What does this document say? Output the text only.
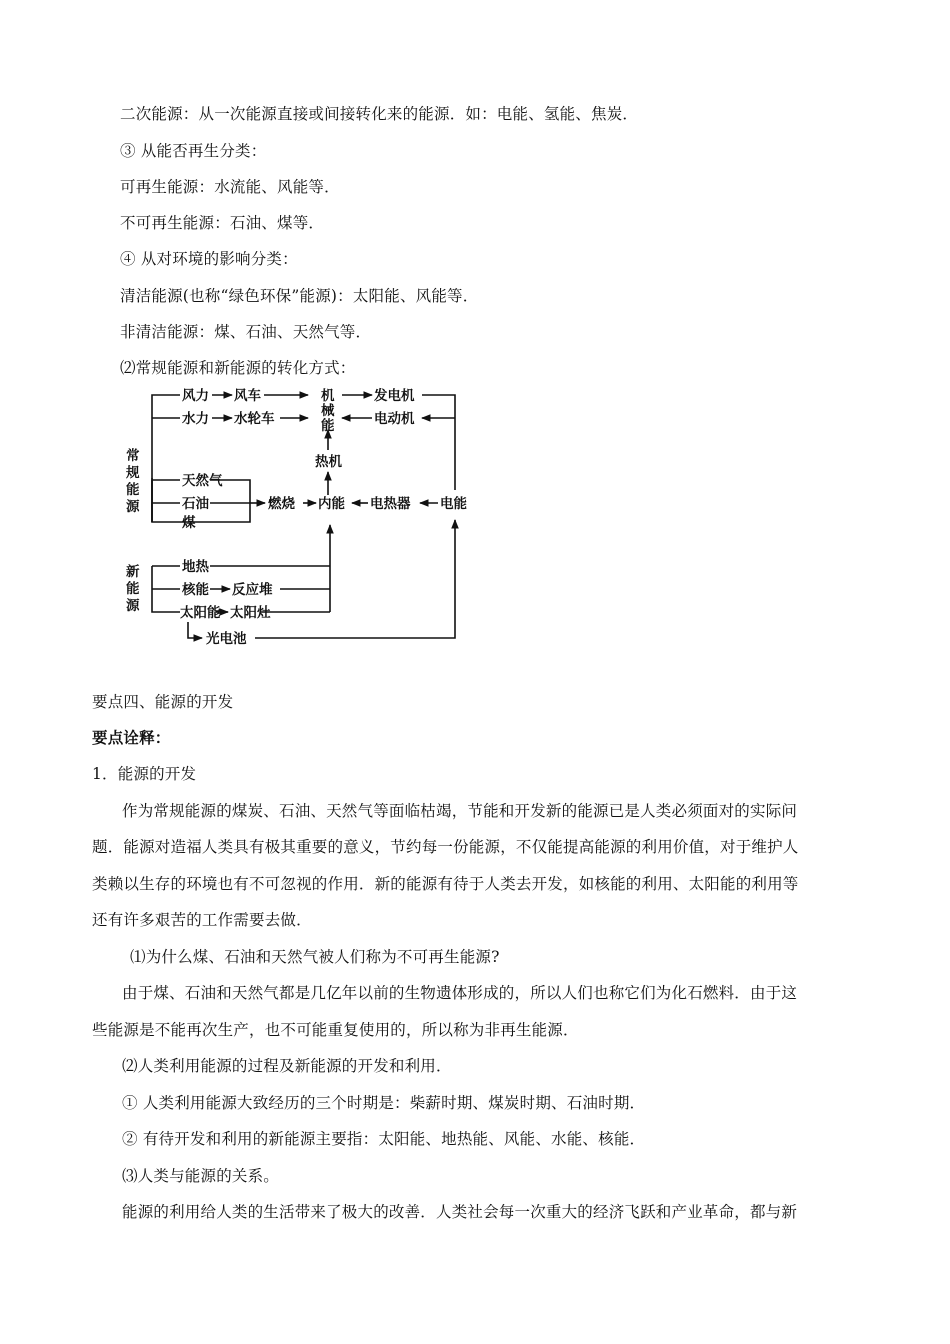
二次能源：从一次能源直接或间接转化来的能源．如：电能、氢能、焦炭．
③ 从能否再生分类：
可再生能源：水流能、风能等．
不可再生能源：石油、煤等．
④ 从对环境的影响分类：
清洁能源(也称“绿色环保”能源)：太阳能、风能等．
非清洁能源：煤、石油、天然气等．
⑵常规能源和新能源的转化方式：
常规能源
新能源
风力 风车
水力 水轮车
机械能
发电机
电动机
热机
天然气
石油
煤
燃烧 内能 电热器 电能
地热
核能 反应堆
太阳能 太阳灶
光电池
要点四、能源的开发
要点诠释：
1．能源的开发
作为常规能源的煤炭、石油、天然气等面临枯竭，节能和开发新的能源已是人类必须面对的实际问
题．能源对造福人类具有极其重要的意义，节约每一份能源，不仅能提高能源的利用价值，对于维护人
类赖以生存的环境也有不可忽视的作用．新的能源有待于人类去开发，如核能的利用、太阳能的利用等
还有许多艰苦的工作需要去做．
⑴为什么煤、石油和天然气被人们称为不可再生能源?
由于煤、石油和天然气都是几亿年以前的生物遗体形成的，所以人们也称它们为化石燃料．由于这
些能源是不能再次生产，也不可能重复使用的，所以称为非再生能源．
⑵人类利用能源的过程及新能源的开发和利用．
① 人类利用能源大致经历的三个时期是：柴薪时期、煤炭时期、石油时期．
② 有待开发和利用的新能源主要指：太阳能、地热能、风能、水能、核能．
⑶人类与能源的关系。
能源的利用给人类的生活带来了极大的改善．人类社会每一次重大的经济飞跃和产业革命，都与新
